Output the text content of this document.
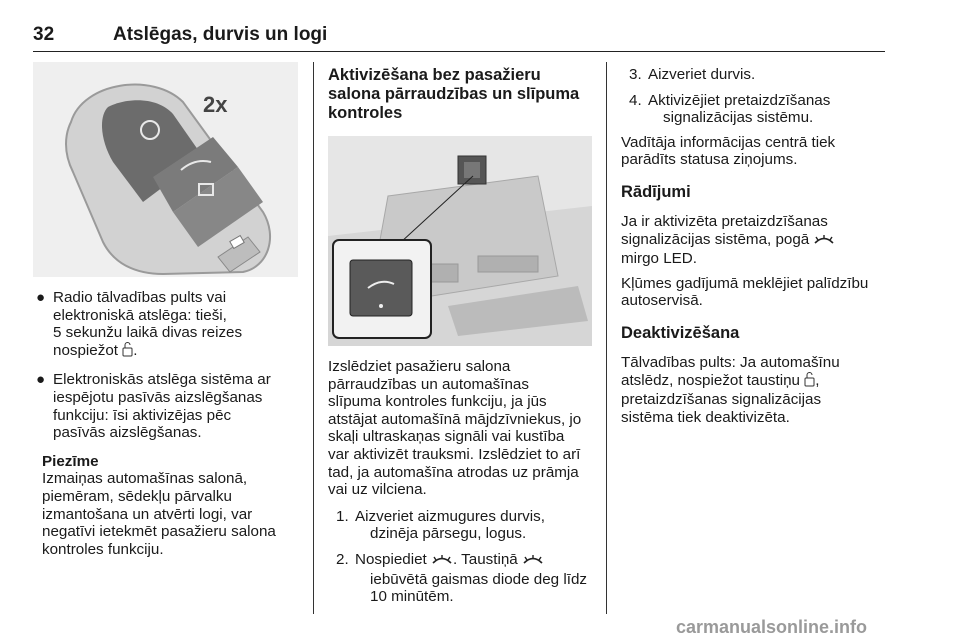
32	Atslēgas, durvis un logi
2x
● Radio tālvadības pults vai

elektroniskā atslēga: tieši,

5 sekunžu laikā divas reizes

nospiežot .

● Elektroniskās atslēga sistēma ar

iespējotu pasīvās aizslēgšanas

funkciju: īsi aktivizējas pēc

pasīvās aizslēgšanas.

Piezīme

Izmaiņas automašīnas salonā,

piemēram, sēdekļu pārvalku

izmantošana un atvērti logi, var

negatīvi ietekmēt pasažieru salona

kontroles funkciju.

Aktivizēšana bez pasažieru

salona pārraudzības un slīpuma

kontroles

Izslēdziet pasažieru salona

pārraudzības un automašīnas

slīpuma kontroles funkciju, ja jūs

atstājat automašīnā mājdzīvniekus, jo

skaļi ultraskaņas signāli vai kustība

var aktivizēt trauksmi. Izslēdziet to arī

tad, ja automašīna atrodas uz prāmja

vai uz vilciena.

1. Aizveriet aizmugures durvis,

dzinēja pārsegu, logus.

2. Nospiediet . Taustiņā

iebūvētā gaismas diode deg līdz

10 minūtēm.

3. Aizveriet durvis.

4. Aktivizējiet pretaizdzīšanas

signalizācijas sistēmu.

Vadītāja informācijas centrā tiek

parādīts statusa ziņojums.

Rādījumi

Ja ir aktivizēta pretaizdzīšanas

signalizācijas sistēma, pogā

mirgo LED.

Kļūmes gadījumā meklējiet palīdzību

autoservisā.

Deaktivizēšana

Tālvadības pults: Ja automašīnu

atslēdz, nospiežot taustiņu ,

pretaizdzīšanas signalizācijas

sistēma tiek deaktivizēta.

carmanualsonline.info
